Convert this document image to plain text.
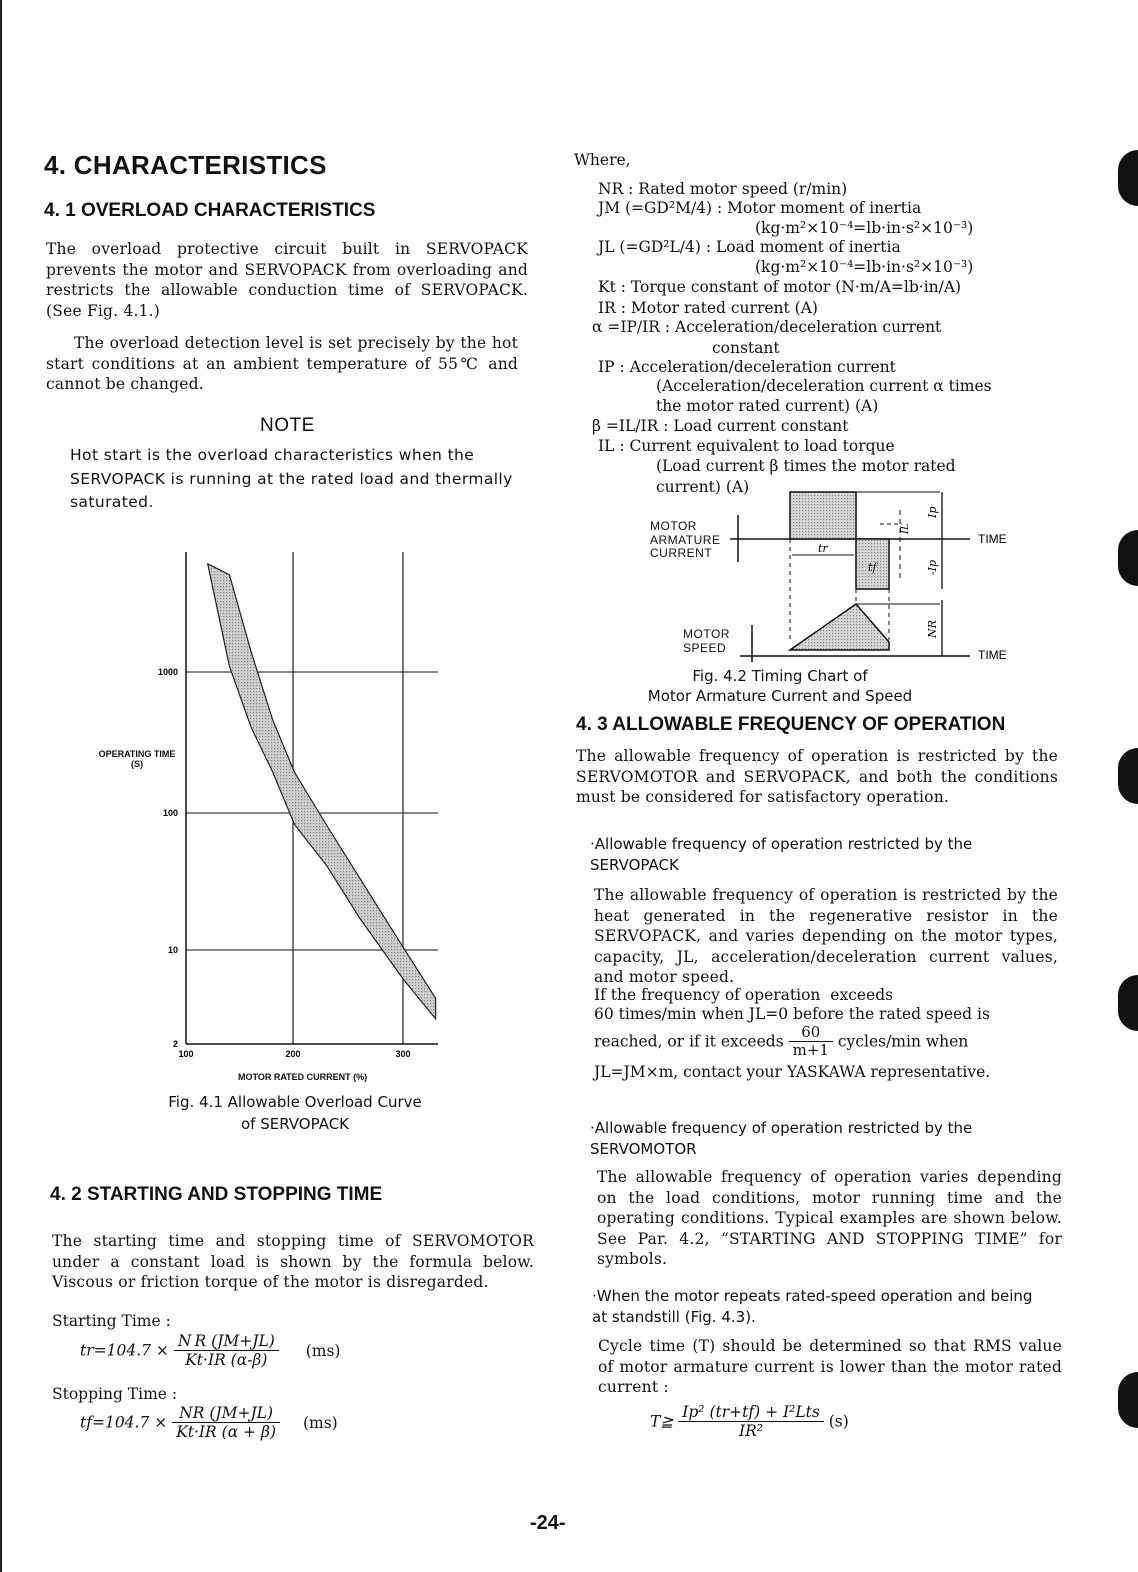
4. CHARACTERISTICS
4. 1 OVERLOAD CHARACTERISTICS
The overload protective circuit built in SERVOPACK prevents the motor and SERVOPACK from overloading and restricts the allowable conduction time of SERVOPACK. (See Fig. 4.1.)
The overload detection level is set precisely by the hot start conditions at an ambient temperature of 55℃ and cannot be changed.
NOTE
Hot start is the overload characteristics when the SERVOPACK is running at the rated load and thermally saturated.
2
10
100
1000
100	200	300
OPERATING TIME (S)
MOTOR RATED CURRENT (%)
Fig. 4.1 Allowable Overload Curve
of SERVOPACK
4. 2 STARTING AND STOPPING TIME
The starting time and stopping time of SERVOMOTOR under a constant load is shown by the formula below. Viscous or friction torque of the motor is disregarded.
Starting Time :
$tr=104.7 \times \frac{\text{N R (JM+JL)}}{Kt\cdot IR (\alpha-\beta)} (ms)$
Stopping Time :
$tf=104.7 \times \frac{NR (JM+JL)}{Kt\cdot IR (\alpha + \beta)} (ms)$
Where,
NR : Rated motor speed (r/min)
JM (=GD²M/4) : Motor moment of inertia
(kg·m²×10⁻⁴=lb·in·s²×10⁻³)
JL (=GD²L/4) : Load moment of inertia
(kg·m²×10⁻⁴=lb·in·s²×10⁻³)
Kt : Torque constant of motor (N·m/A=lb·in/A)
IR : Motor rated current (A)
α =IP/IR : Acceleration/deceleration current
constant
IP : Acceleration/deceleration current
(Acceleration/deceleration current α times
the motor rated current) (A)
β =IL/IR : Load current constant
IL : Current equivalent to load torque
(Load current β times the motor rated
current) (A)
tr
tf
Ip
IL
-Ip
TIME
NR
TIME
MOTOR
ARMATURE
CURRENT
MOTOR
SPEED
Fig. 4.2 Timing Chart of
Motor Armature Current and Speed
4. 3 ALLOWABLE FREQUENCY OF OPERATION
The allowable frequency of operation is restricted by the SERVOMOTOR and SERVOPACK, and both the conditions must be considered for satisfactory operation.
·Allowable frequency of operation restricted by the SERVOPACK
The allowable frequency of operation is restricted by the heat generated in the regenerative resistor in the SERVOPACK, and varies depending on the motor types, capacity, JL, acceleration/deceleration current values, and motor speed.
If the frequency of operation  exceeds
60 times/min when JL=0 before the rated speed is
reached, or if it exceeds $\frac{60}{m+1}$ cycles/min when
JL=JM×m, contact your YASKAWA representative.
·Allowable frequency of operation restricted by the SERVOMOTOR
The allowable frequency of operation varies depending on the load conditions, motor running time and the operating conditions. Typical examples are shown below. See Par. 4.2, “STARTING AND STOPPING TIME” for symbols.
·When the motor repeats rated-speed operation and being at standstill (Fig. 4.3).
Cycle time (T) should be determined so that RMS value of motor armature current is lower than the motor rated current :
T≧ $\frac{\text{Ip² (tr+tf) + I²Lts}}{\text{IR²}} (s)$
-24-
